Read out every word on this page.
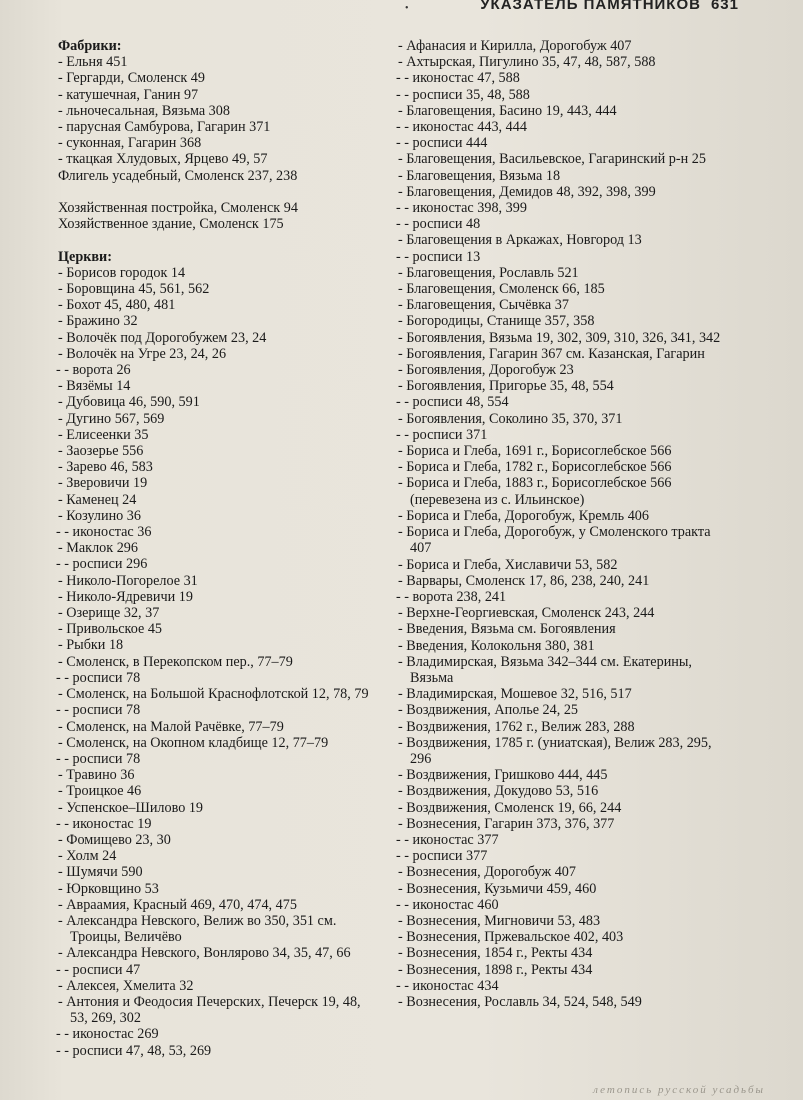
•	УКАЗАТЕЛЬ ПАМЯТНИКОВ 631
Фабрики:
- Ельня 451
- Гергарди, Смоленск 49
- катушечная, Ганин 97
- льночесальная, Вязьма 308
- парусная Самбурова, Гагарин 371
- суконная, Гагарин 368
- ткацкая Хлудовых, Ярцево 49, 57
Флигель усадебный, Смоленск 237, 238
Хозяйственная постройка, Смоленск 94
Хозяйственное здание, Смоленск 175
Церкви:
- Борисов городок 14
- Боровщина 45, 561, 562
- Бохот 45, 480, 481
- Бражино 32
- Волочёк под Дорогобужем 23, 24
- Волочёк на Угре 23, 24, 26
- - ворота 26
- Вязёмы 14
- Дубовица 46, 590, 591
- Дугино 567, 569
- Елисеенки 35
- Заозерье 556
- Зарево 46, 583
- Зверовичи 19
- Каменец 24
- Козулино 36
- - иконостас 36
- Маклок 296
- - росписи 296
- Николо-Погорелое 31
- Николо-Ядревичи 19
- Озерище 32, 37
- Привольское 45
- Рыбки 18
- Смоленск, в Перекопском пер., 77–79
- - росписи 78
- Смоленск, на Большой Краснофлотской 12, 78, 79
- - росписи 78
- Смоленск, на Малой Рачёвке, 77–79
- Смоленск, на Окопном кладбище 12, 77–79
- - росписи 78
- Травино 36
- Троицкое 46
- Успенское–Шилово 19
- - иконостас 19
- Фомищево 23, 30
- Холм 24
- Шумячи 590
- Юрковщино 53
- Авраамия, Красный 469, 470, 474, 475
- Александра Невского, Велиж во 350, 351 см. Троицы, Величёво
- Александра Невского, Вонлярово 34, 35, 47, 66
- - росписи 47
- Алексея, Хмелита 32
- Антония и Феодосия Печерских, Печерск 19, 48, 53, 269, 302
- - иконостас 269
- - росписи 47, 48, 53, 269
- Афанасия и Кирилла, Дорогобуж 407
- Ахтырская, Пигулино 35, 47, 48, 587, 588
- - иконостас 47, 588
- - росписи 35, 48, 588
- Благовещения, Басино 19, 443, 444
- - иконостас 443, 444
- - росписи 444
- Благовещения, Васильевское, Гагаринский р-н 25
- Благовещения, Вязьма 18
- Благовещения, Демидов 48, 392, 398, 399
- - иконостас 398, 399
- - росписи 48
- Благовещения в Аркажах, Новгород 13
- - росписи 13
- Благовещения, Рославль 521
- Благовещения, Смоленск 66, 185
- Благовещения, Сычёвка 37
- Богородицы, Станище 357, 358
- Богоявления, Вязьма 19, 302, 309, 310, 326, 341, 342
- Богоявления, Гагарин 367 см. Казанская, Гагарин
- Богоявления, Дорогобуж 23
- Богоявления, Пригорье 35, 48, 554
- - росписи 48, 554
- Богоявления, Соколино 35, 370, 371
- - росписи 371
- Бориса и Глеба, 1691 г., Борисоглебское 566
- Бориса и Глеба, 1782 г., Борисоглебское 566
- Бориса и Глеба, 1883 г., Борисоглебское 566 (перевезена из с. Ильинское)
- Бориса и Глеба, Дорогобуж, Кремль 406
- Бориса и Глеба, Дорогобуж, у Смоленского тракта 407
- Бориса и Глеба, Хиславичи 53, 582
- Варвары, Смоленск 17, 86, 238, 240, 241
- - ворота 238, 241
- Верхне-Георгиевская, Смоленск 243, 244
- Введения, Вязьма см. Богоявления
- Введения, Колокольня 380, 381
- Владимирская, Вязьма 342–344 см. Екатерины, Вязьма
- Владимирская, Мошевое 32, 516, 517
- Воздвижения, Аполье 24, 25
- Воздвижения, 1762 г., Велиж 283, 288
- Воздвижения, 1785 г. (униатская), Велиж 283, 295, 296
- Воздвижения, Гришково 444, 445
- Воздвижения, Докудово 53, 516
- Воздвижения, Смоленск 19, 66, 244
- Вознесения, Гагарин 373, 376, 377
- - иконостас 377
- - росписи 377
- Вознесения, Дорогобуж 407
- Вознесения, Кузьмичи 459, 460
- - иконостас 460
- Вознесения, Мигновичи 53, 483
- Вознесения, Пржевальское 402, 403
- Вознесения, 1854 г., Ректы 434
- Вознесения, 1898 г., Ректы 434
- - иконостас 434
- Вознесения, Рославль 34, 524, 548, 549
летопись русской усадьбы
